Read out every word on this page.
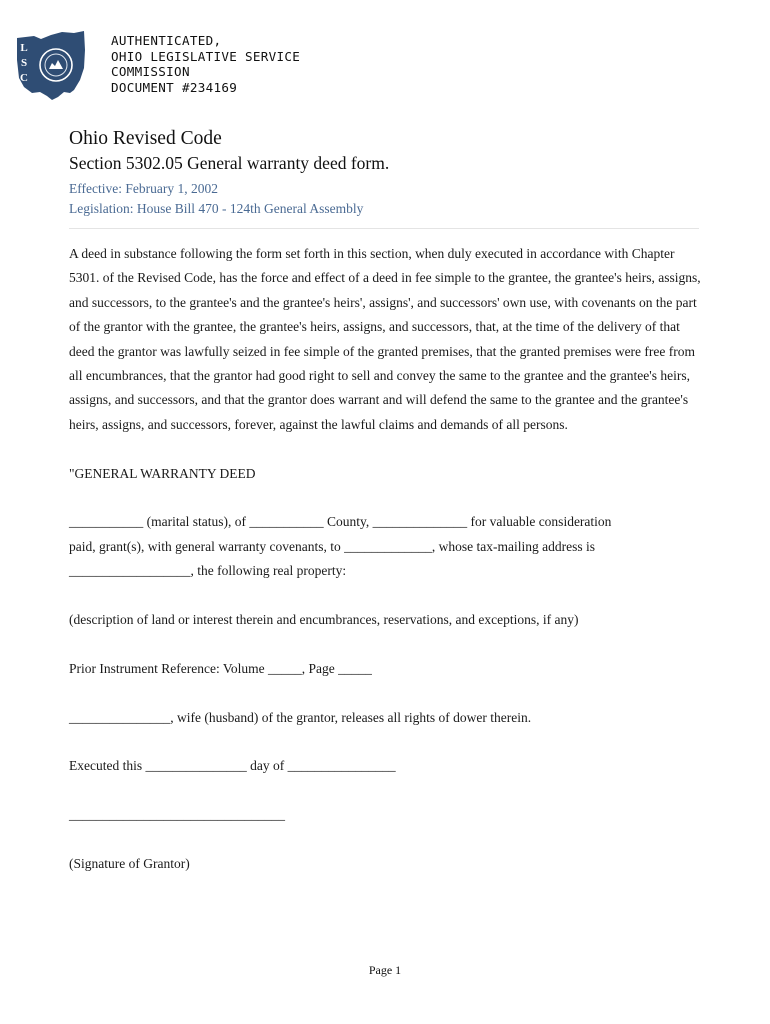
L
S
C
AUTHENTICATED,
OHIO LEGISLATIVE SERVICE
COMMISSION
DOCUMENT #234169
Ohio Revised Code
Section 5302.05 General warranty deed form.
Effective: February 1, 2002
Legislation: House Bill 470 - 124th General Assembly

A deed in substance following the form set forth in this section, when duly executed in accordance with Chapter 5301. of the Revised Code, has the force and effect of a deed in fee simple to the grantee, the grantee's heirs, assigns, and successors, to the grantee's and the grantee's heirs', assigns', and successors' own use, with covenants on the part of the grantor with the grantee, the grantee's heirs, assigns, and successors, that, at the time of the delivery of that deed the grantor was lawfully seized in fee simple of the granted premises, that the granted premises were free from all encumbrances, that the grantor had good right to sell and convey the same to the grantee and the grantee's heirs, assigns, and successors, and that the grantor does warrant and will defend the same to the grantee and the grantee's heirs, assigns, and successors, forever, against the lawful claims and demands of all persons.

"GENERAL WARRANTY DEED

___________ (marital status), of ___________ County, ______________ for valuable consideration

paid, grant(s), with general warranty covenants, to _____________, whose tax-mailing address is

__________________, the following real property:

(description of land or interest therein and encumbrances, reservations, and exceptions, if any)

Prior Instrument Reference: Volume _____, Page _____

_______________, wife (husband) of the grantor, releases all rights of dower therein.

Executed this _______________ day of ________________

________________________________

(Signature of Grantor)

Page 1
